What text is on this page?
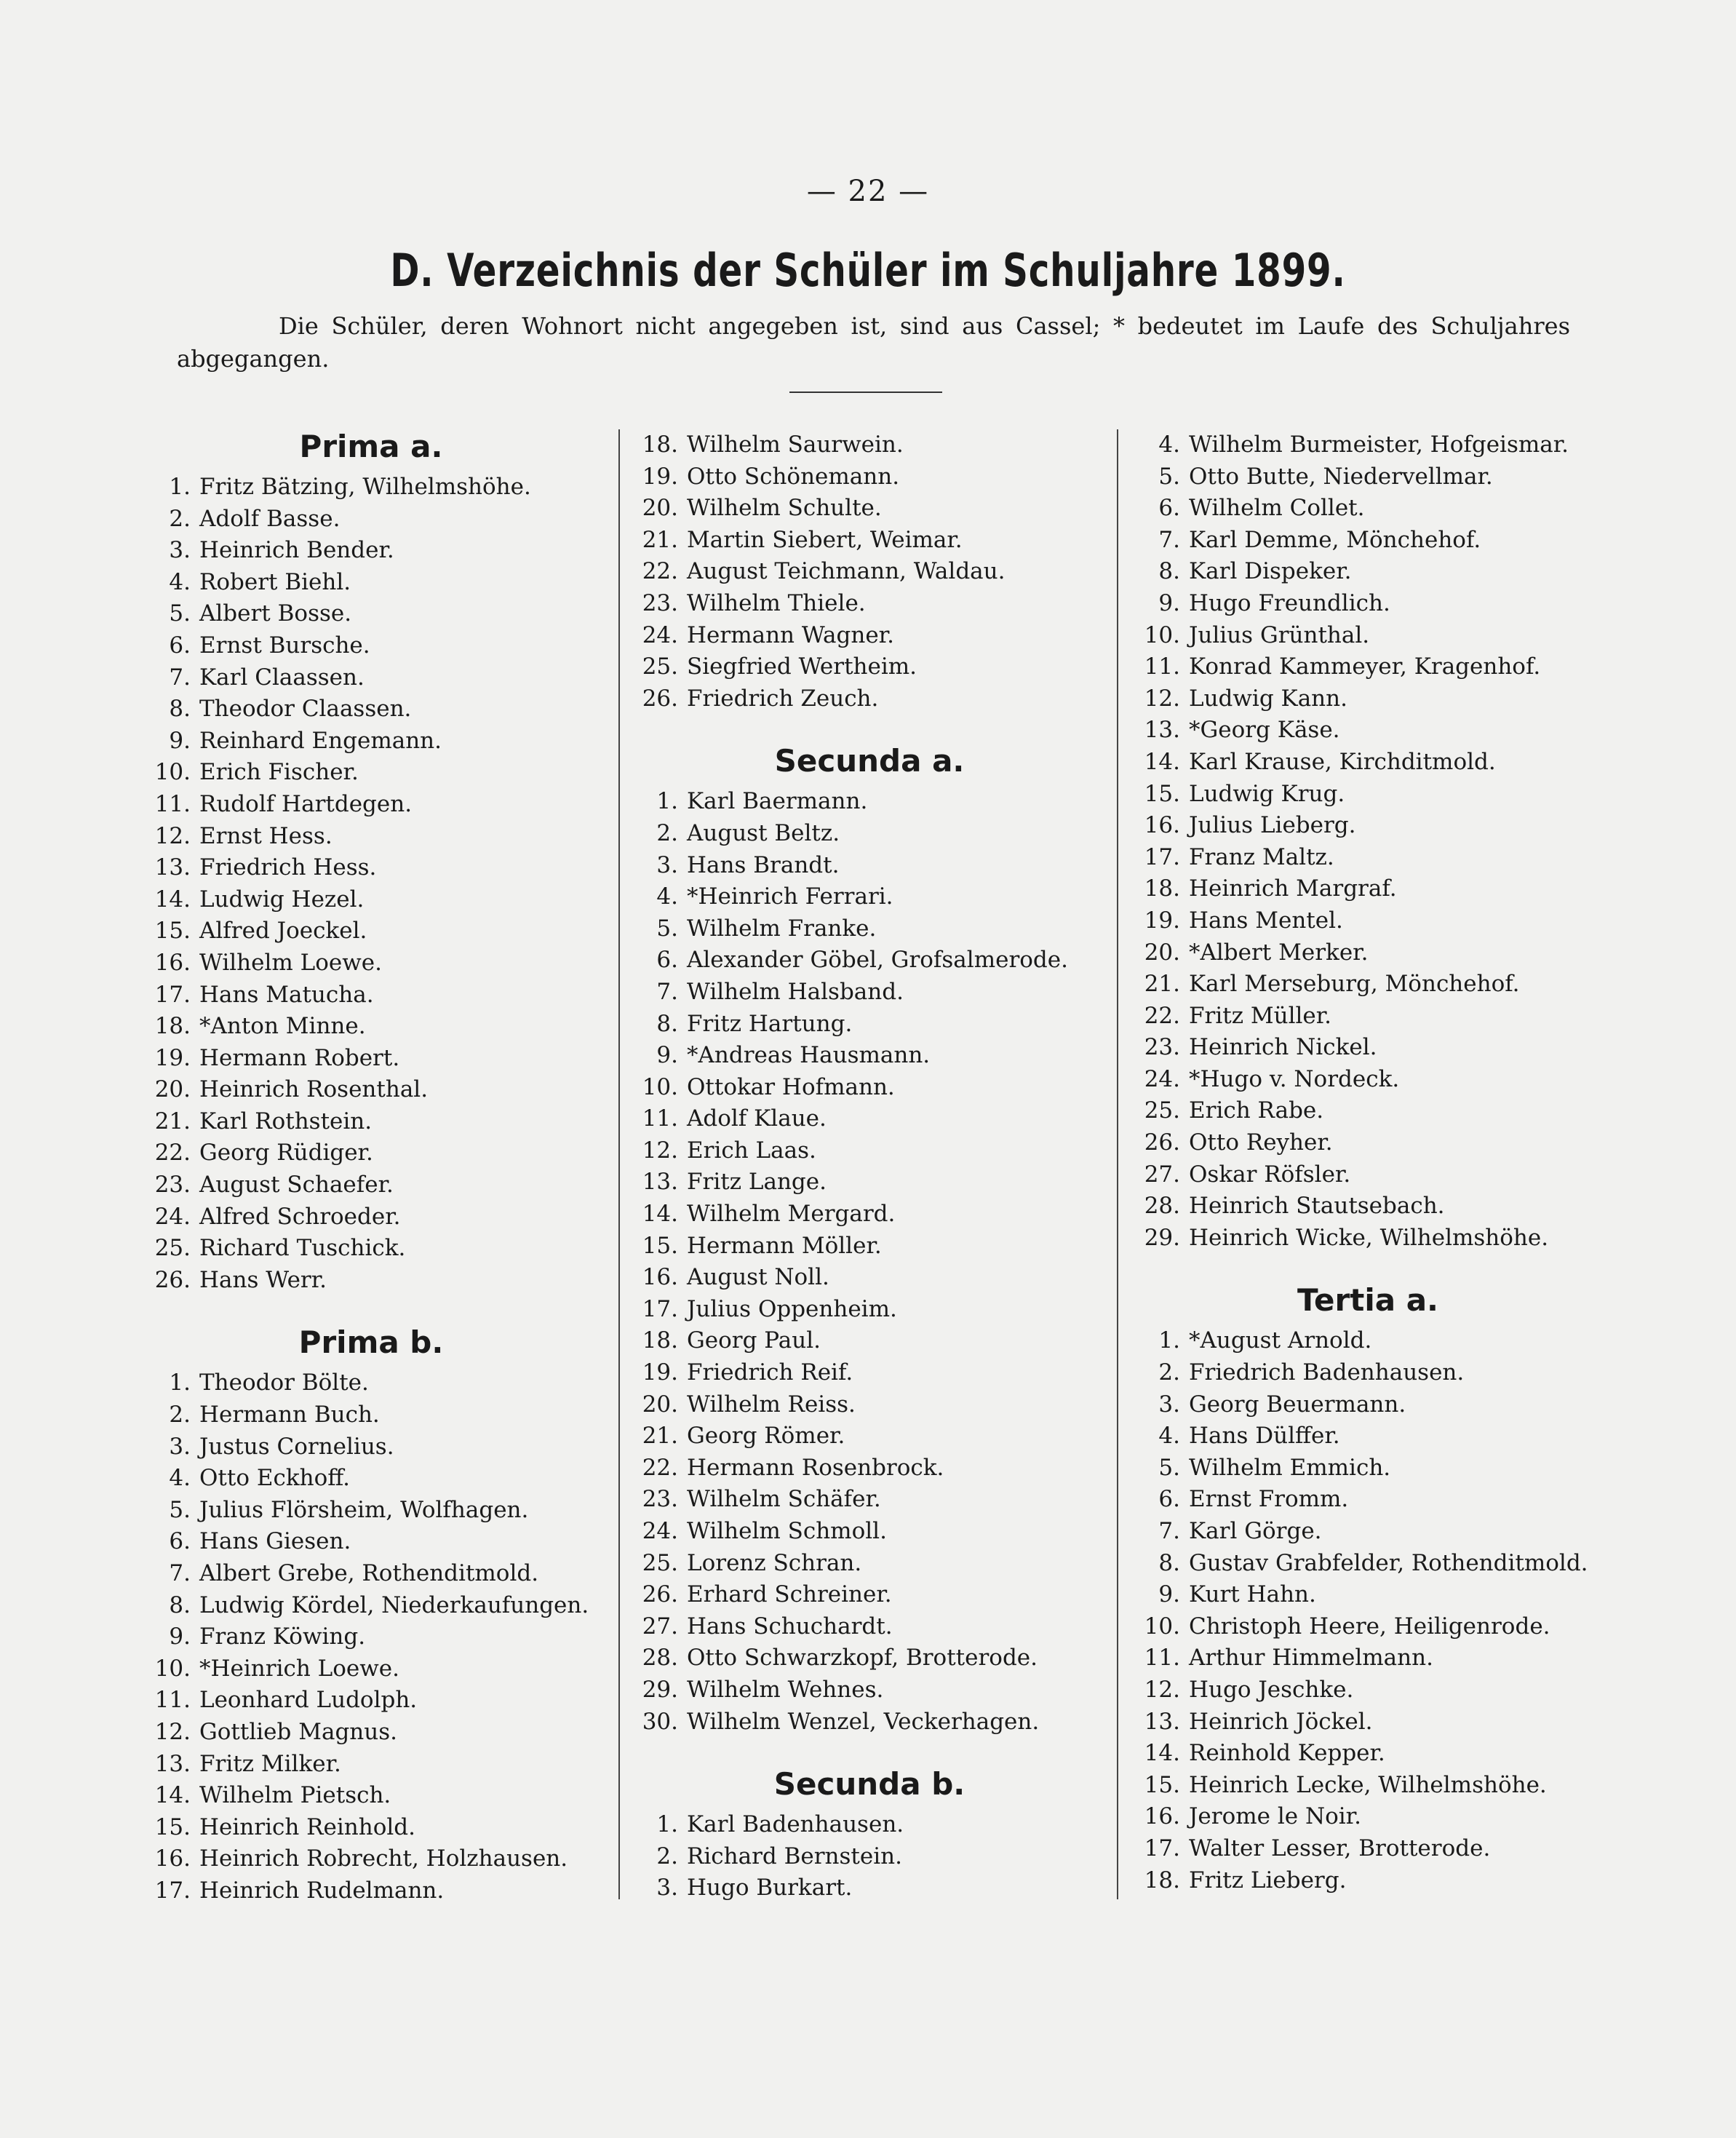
— 22 —
D. Verzeichnis der Schüler im Schuljahre 1899.
Die Schüler, deren Wohnort nicht angegeben ist, sind aus Cassel; * bedeutet im Laufe des Schuljahres abgegangen.
Prima a.
1. Fritz Bätzing, Wilhelmshöhe.
2. Adolf Basse.
3. Heinrich Bender.
4. Robert Biehl.
5. Albert Bosse.
6. Ernst Bursche.
7. Karl Claassen.
8. Theodor Claassen.
9. Reinhard Engemann.
10. Erich Fischer.
11. Rudolf Hartdegen.
12. Ernst Hess.
13. Friedrich Hess.
14. Ludwig Hezel.
15. Alfred Joeckel.
16. Wilhelm Loewe.
17. Hans Matucha.
18. *Anton Minne.
19. Hermann Robert.
20. Heinrich Rosenthal.
21. Karl Rothstein.
22. Georg Rüdiger.
23. August Schaefer.
24. Alfred Schroeder.
25. Richard Tuschick.
26. Hans Werr.
Prima b.
1. Theodor Bölte.
2. Hermann Buch.
3. Justus Cornelius.
4. Otto Eckhoff.
5. Julius Flörsheim, Wolfhagen.
6. Hans Giesen.
7. Albert Grebe, Rothenditmold.
8. Ludwig Kördel, Niederkaufungen.
9. Franz Köwing.
10. *Heinrich Loewe.
11. Leonhard Ludolph.
12. Gottlieb Magnus.
13. Fritz Milker.
14. Wilhelm Pietsch.
15. Heinrich Reinhold.
16. Heinrich Robrecht, Holzhausen.
17. Heinrich Rudelmann.
18. Wilhelm Saurwein.
19. Otto Schönemann.
20. Wilhelm Schulte.
21. Martin Siebert, Weimar.
22. August Teichmann, Waldau.
23. Wilhelm Thiele.
24. Hermann Wagner.
25. Siegfried Wertheim.
26. Friedrich Zeuch.
Secunda a.
1. Karl Baermann.
2. August Beltz.
3. Hans Brandt.
4. *Heinrich Ferrari.
5. Wilhelm Franke.
6. Alexander Göbel, Grofsalmerode.
7. Wilhelm Halsband.
8. Fritz Hartung.
9. *Andreas Hausmann.
10. Ottokar Hofmann.
11. Adolf Klaue.
12. Erich Laas.
13. Fritz Lange.
14. Wilhelm Mergard.
15. Hermann Möller.
16. August Noll.
17. Julius Oppenheim.
18. Georg Paul.
19. Friedrich Reif.
20. Wilhelm Reiss.
21. Georg Römer.
22. Hermann Rosenbrock.
23. Wilhelm Schäfer.
24. Wilhelm Schmoll.
25. Lorenz Schran.
26. Erhard Schreiner.
27. Hans Schuchardt.
28. Otto Schwarzkopf, Brotterode.
29. Wilhelm Wehnes.
30. Wilhelm Wenzel, Veckerhagen.
Secunda b.
1. Karl Badenhausen.
2. Richard Bernstein.
3. Hugo Burkart.
4. Wilhelm Burmeister, Hofgeismar.
5. Otto Butte, Niedervellmar.
6. Wilhelm Collet.
7. Karl Demme, Mönchehof.
8. Karl Dispeker.
9. Hugo Freundlich.
10. Julius Grünthal.
11. Konrad Kammeyer, Kragenhof.
12. Ludwig Kann.
13. *Georg Käse.
14. Karl Krause, Kirchditmold.
15. Ludwig Krug.
16. Julius Lieberg.
17. Franz Maltz.
18. Heinrich Margraf.
19. Hans Mentel.
20. *Albert Merker.
21. Karl Merseburg, Mönchehof.
22. Fritz Müller.
23. Heinrich Nickel.
24. *Hugo v. Nordeck.
25. Erich Rabe.
26. Otto Reyher.
27. Oskar Röfsler.
28. Heinrich Stautsebach.
29. Heinrich Wicke, Wilhelmshöhe.
Tertia a.
1. *August Arnold.
2. Friedrich Badenhausen.
3. Georg Beuermann.
4. Hans Dülffer.
5. Wilhelm Emmich.
6. Ernst Fromm.
7. Karl Görge.
8. Gustav Grabfelder, Rothenditmold.
9. Kurt Hahn.
10. Christoph Heere, Heiligenrode.
11. Arthur Himmelmann.
12. Hugo Jeschke.
13. Heinrich Jöckel.
14. Reinhold Kepper.
15. Heinrich Lecke, Wilhelmshöhe.
16. Jerome le Noir.
17. Walter Lesser, Brotterode.
18. Fritz Lieberg.
